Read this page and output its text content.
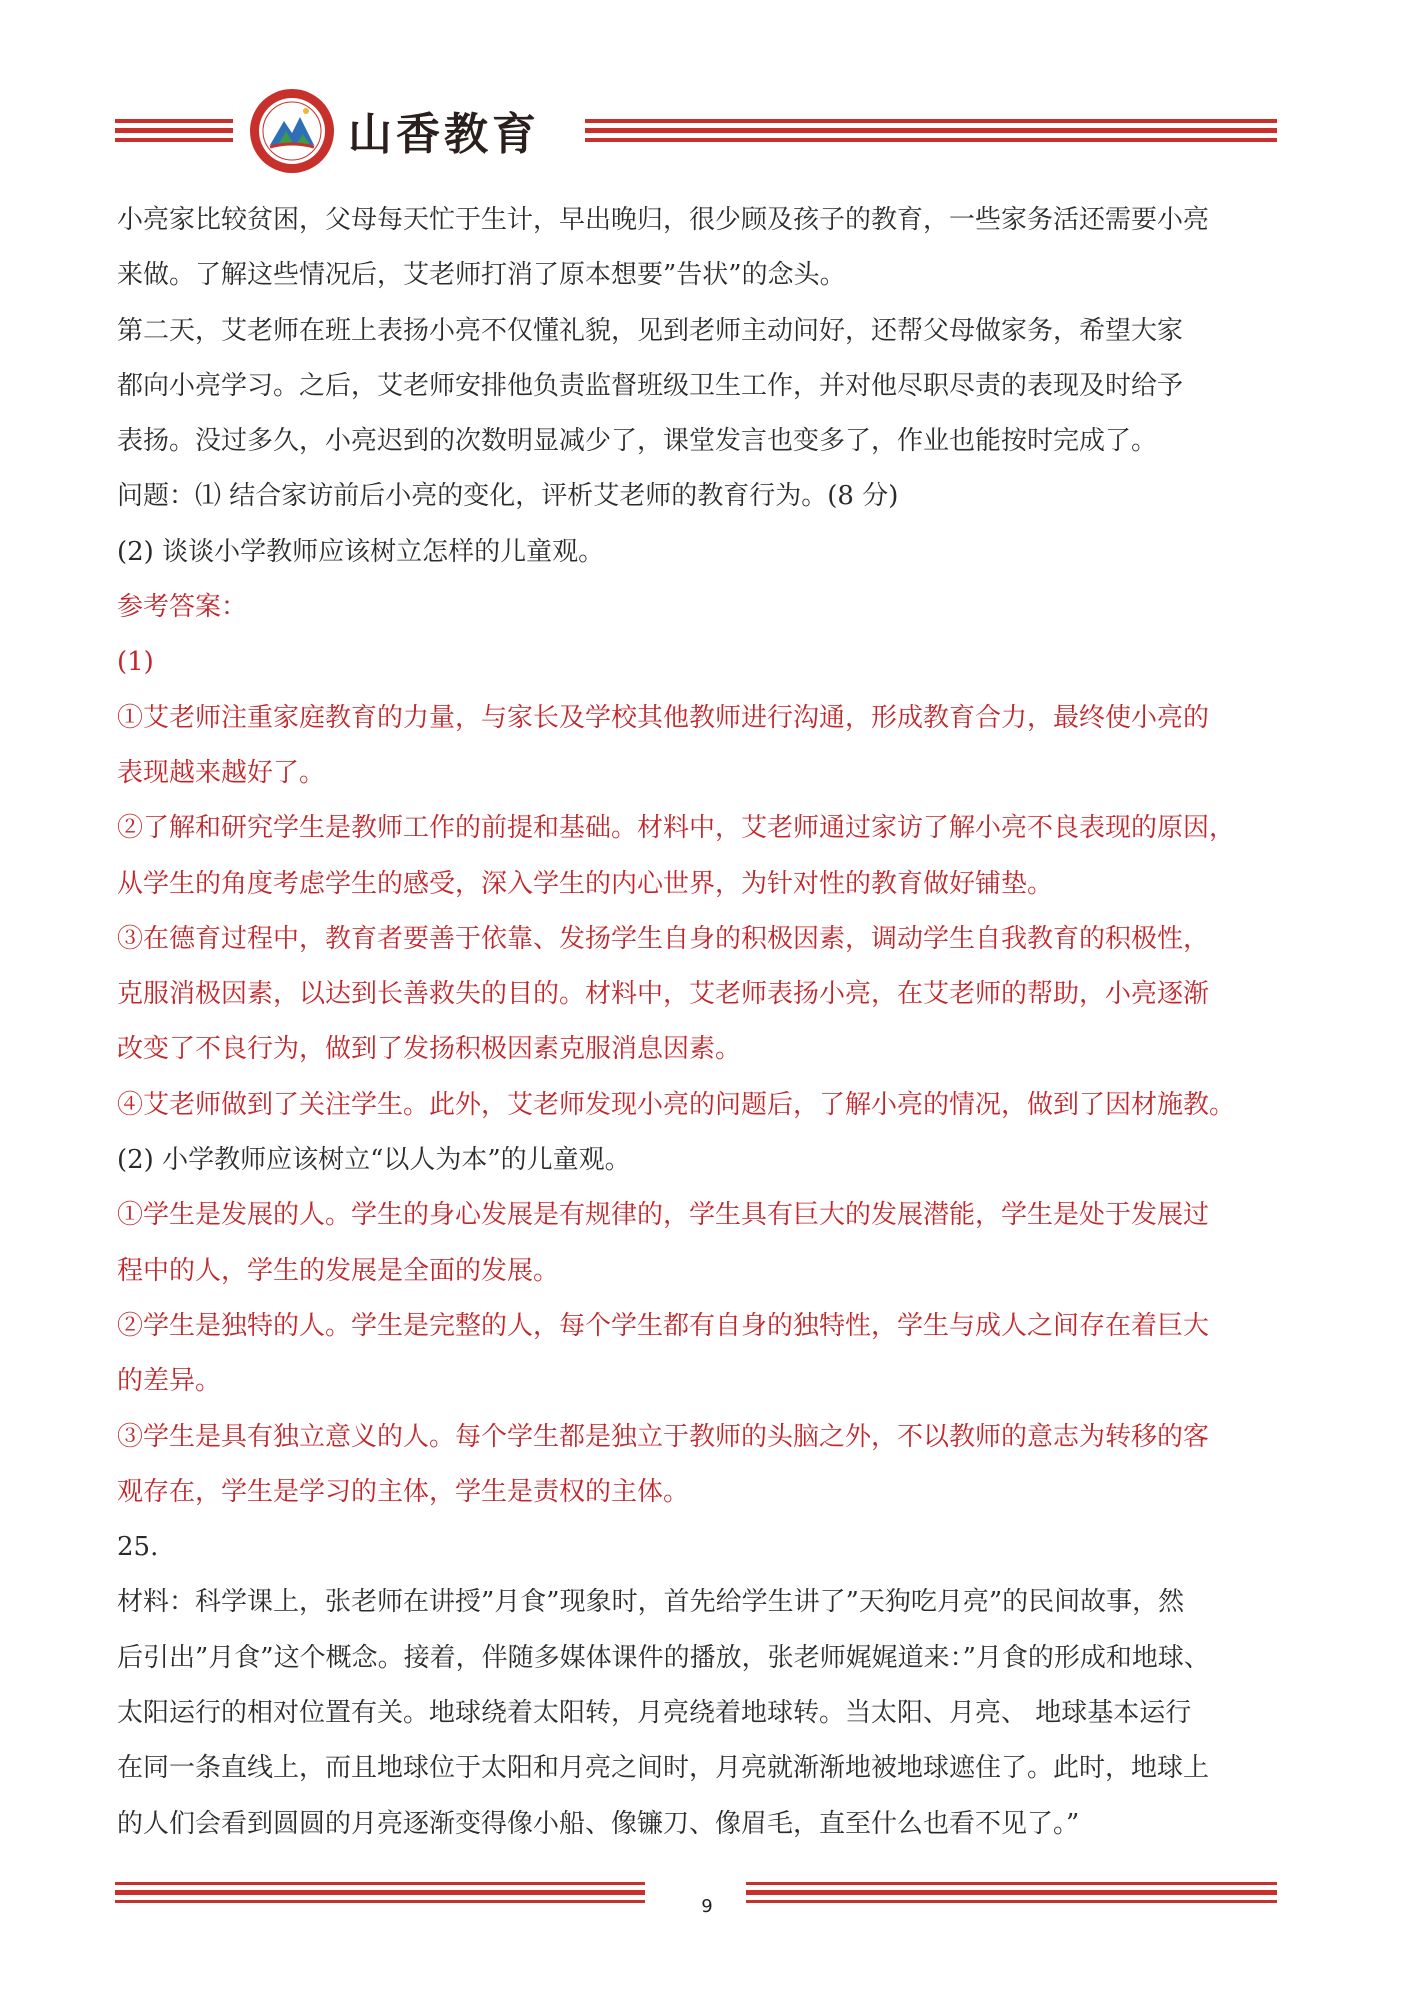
山香教育
小亮家比较贫困，父母每天忙于生计，早出晚归，很少顾及孩子的教育，一些家务活还需要小亮
来做。了解这些情况后，艾老师打消了原本想要”告状”的念头。
第二天，艾老师在班上表扬小亮不仅懂礼貌，见到老师主动问好，还帮父母做家务，希望大家
都向小亮学习。之后，艾老师安排他负责监督班级卫生工作，并对他尽职尽责的表现及时给予
表扬。没过多久，小亮迟到的次数明显减少了，课堂发言也变多了，作业也能按时完成了。
问题：⑴ 结合家访前后小亮的变化，评析艾老师的教育行为。(8 分)
(2) 谈谈小学教师应该树立怎样的儿童观。
参考答案：
(1)
①艾老师注重家庭教育的力量，与家长及学校其他教师进行沟通，形成教育合力，最终使小亮的
表现越来越好了。
②了解和研究学生是教师工作的前提和基础。材料中，艾老师通过家访了解小亮不良表现的原因，
从学生的角度考虑学生的感受，深入学生的内心世界，为针对性的教育做好铺垫。
③在德育过程中，教育者要善于依靠、发扬学生自身的积极因素，调动学生自我教育的积极性，
克服消极因素，以达到长善救失的目的。材料中，艾老师表扬小亮，在艾老师的帮助，小亮逐渐
改变了不良行为，做到了发扬积极因素克服消息因素。
④艾老师做到了关注学生。此外，艾老师发现小亮的问题后，了解小亮的情况，做到了因材施教。
(2) 小学教师应该树立“以人为本”的儿童观。
①学生是发展的人。学生的身心发展是有规律的，学生具有巨大的发展潜能，学生是处于发展过
程中的人，学生的发展是全面的发展。
②学生是独特的人。学生是完整的人，每个学生都有自身的独特性，学生与成人之间存在着巨大
的差异。
③学生是具有独立意义的人。每个学生都是独立于教师的头脑之外，不以教师的意志为转移的客
观存在，学生是学习的主体，学生是责权的主体。
25.
材料：科学课上，张老师在讲授”月食”现象时，首先给学生讲了”天狗吃月亮”的民间故事，然
后引出”月食”这个概念。接着，伴随多媒体课件的播放，张老师娓娓道来：”月食的形成和地球、
太阳运行的相对位置有关。地球绕着太阳转，月亮绕着地球转。当太阳、月亮、 地球基本运行
在同一条直线上，而且地球位于太阳和月亮之间时，月亮就渐渐地被地球遮住了。此时，地球上
的人们会看到圆圆的月亮逐渐变得像小船、像镰刀、像眉毛，直至什么也看不见了。”
9
